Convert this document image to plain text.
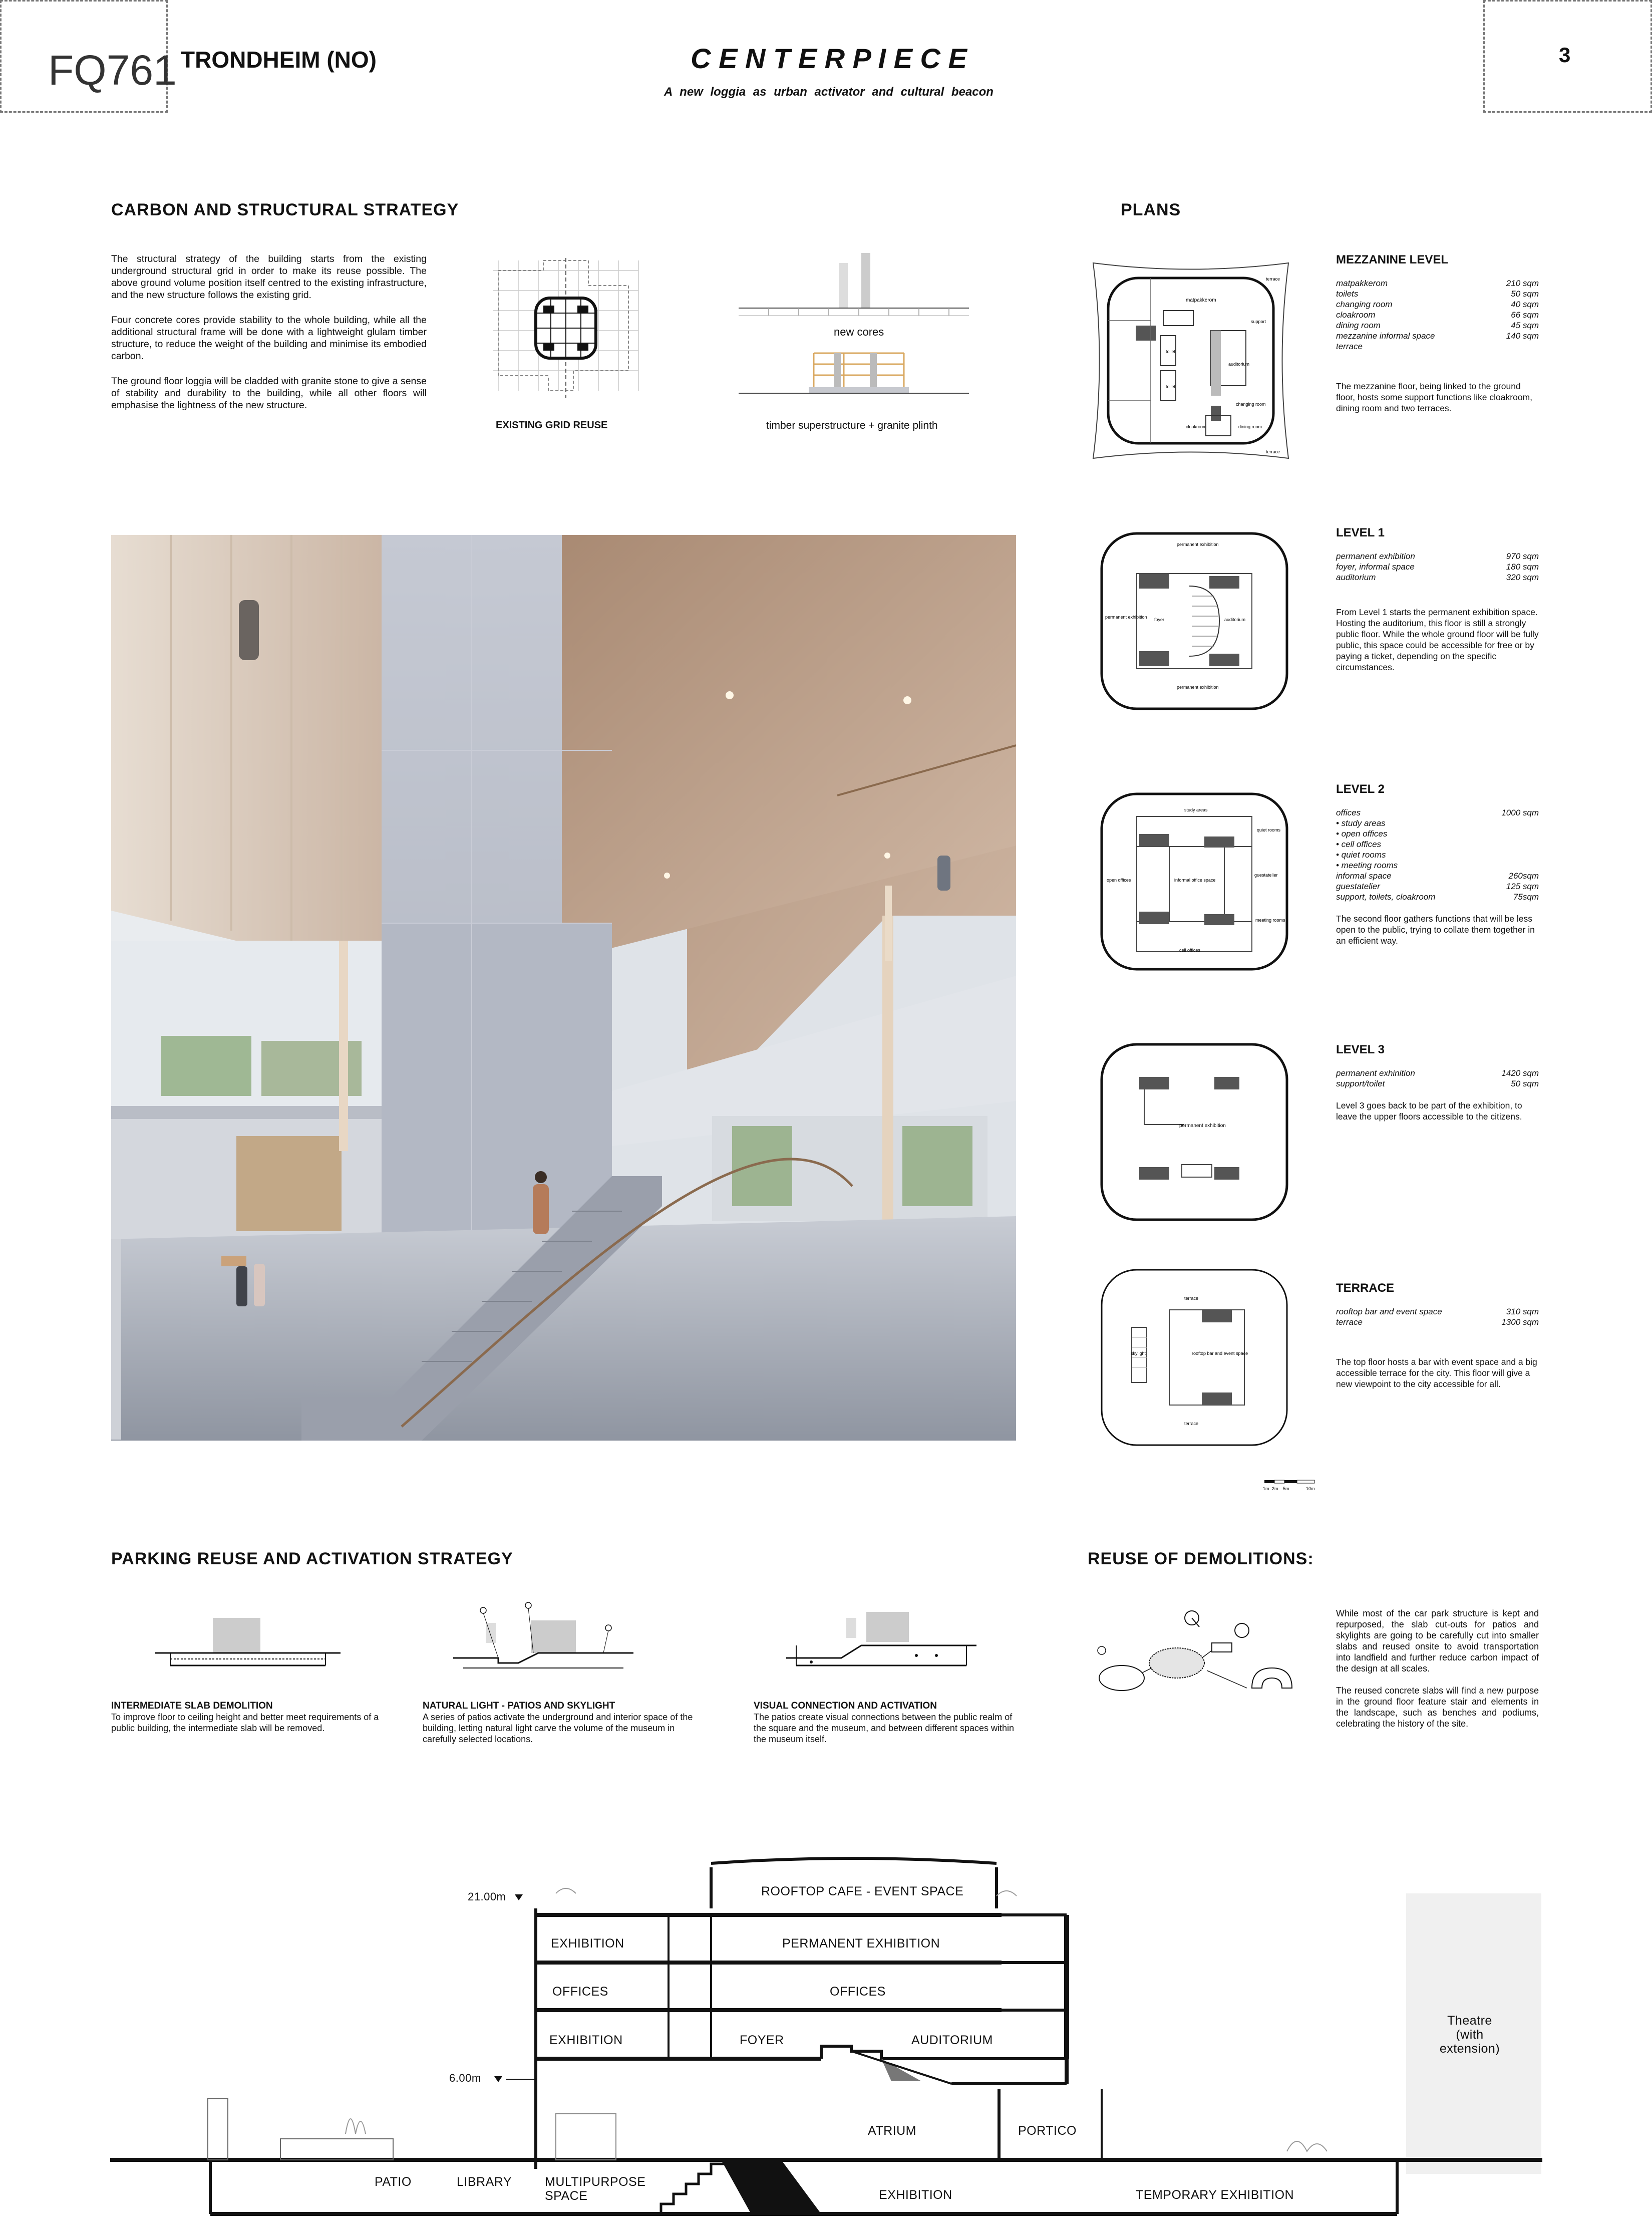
FQ761 TRONDHEIM (NO)	C E N T E R P I E C E
A new loggia as urban activator and cultural beacon
3
CARBON AND STRUCTURAL STRATEGY

The structural strategy of the building starts from the existing underground structural grid in order to make its reuse possible. The above ground volume position itself centred to the existing infrastructure, and the new structure follows the existing grid.

Four concrete cores provide stability to the whole building, while all the additional structural frame will be done with a lightweight glulam timber structure, to reduce the weight of the building and minimise its embodied carbon.

The ground floor loggia will be cladded with granite stone to give a sense of stability and durability to the building, while all other floors will emphasise the lightness of the new structure.

EXISTING GRID REUSE
new cores
timber superstructure + granite plinth
PLANS
matpakkerom
terrace
support
toilet
toilet
auditorium
changing room
cloakroom	dining room
terrace
permanent exhibition
permanent exhibition foyer	auditorium
permanent exhibition
study areas
quiet rooms
open offices	informal office space
guestatelier
meeting rooms
cell offices
permanent exhibition
terrace
skylight	rooftop bar and event space
terrace
MEZZANINE LEVEL
matpakkerom	210 sqm
toilets	50 sqm
changing room	40 sqm
cloakroom	66 sqm
dining room	45 sqm
mezzanine informal space	140 sqm
terrace
The mezzanine floor, being linked to the ground floor, hosts some support functions like cloakroom, dining room and two terraces.
LEVEL 1
permanent exhibition	970 sqm
foyer, informal space	180 sqm
auditorium	320 sqm
From Level 1 starts the permanent exhibition space. Hosting the auditorium, this floor is still a strongly public floor. While the whole ground floor will be fully public, this space could be accessible for free or by paying a ticket, depending on the specific circumstances.
LEVEL 2
offices	1000 sqm
• study areas
• open offices
• cell offices
• quiet rooms
• meeting rooms
informal space	260sqm
guestatelier	125 sqm
support, toilets, cloakroom	75sqm
The second floor gathers functions that will be less open to the public, trying to collate them together in an efficient way.
LEVEL 3
permanent exhinition	1420 sqm
support/toilet	50 sqm
Level 3 goes back to be part of the exhibition, to leave the upper floors accessible to the citizens.
TERRACE
rooftop bar and event space	310 sqm
terrace	1300 sqm
The top floor hosts a bar with event space and a big accessible terrace for the city. This floor will give a new viewpoint to the city accessible for all.
1m 2m 5m	10m
PARKING REUSE AND ACTIVATION STRATEGY
INTERMEDIATE SLAB DEMOLITION
To improve floor to ceiling height and better meet requirements of a public building, the intermediate slab will be removed.
NATURAL LIGHT - PATIOS AND SKYLIGHT
A series of patios activate the underground and interior space of the building, letting natural light carve the volume of the museum in carefully selected locations.
VISUAL CONNECTION AND ACTIVATION
The patios create visual connections between the public realm of the square and the museum, and between different spaces within the museum itself.
REUSE OF DEMOLITIONS:

While most of the car park structure is kept and repurposed, the slab cut-outs for patios and skylights are going to be carefully cut into smaller slabs and reused onsite to avoid transportation into landfield and further reduce carbon impact of the design at all scales.

The reused concrete slabs will find a new purpose in the ground floor feature stair and elements in the landscape, such as benches and podiums, celebrating the history of the site.

21.00m
6.00m
ROOFTOP CAFE - EVENT SPACE
EXHIBITION	PERMANENT EXHIBITION
OFFICES	OFFICES
EXHIBITION	FOYER	AUDITORIUM
ATRIUM	PORTICO
PATIO	LIBRARY	MULTIPURPOSE SPACE	EXHIBITION	TEMPORARY EXHIBITION
Theatre (with extension)
